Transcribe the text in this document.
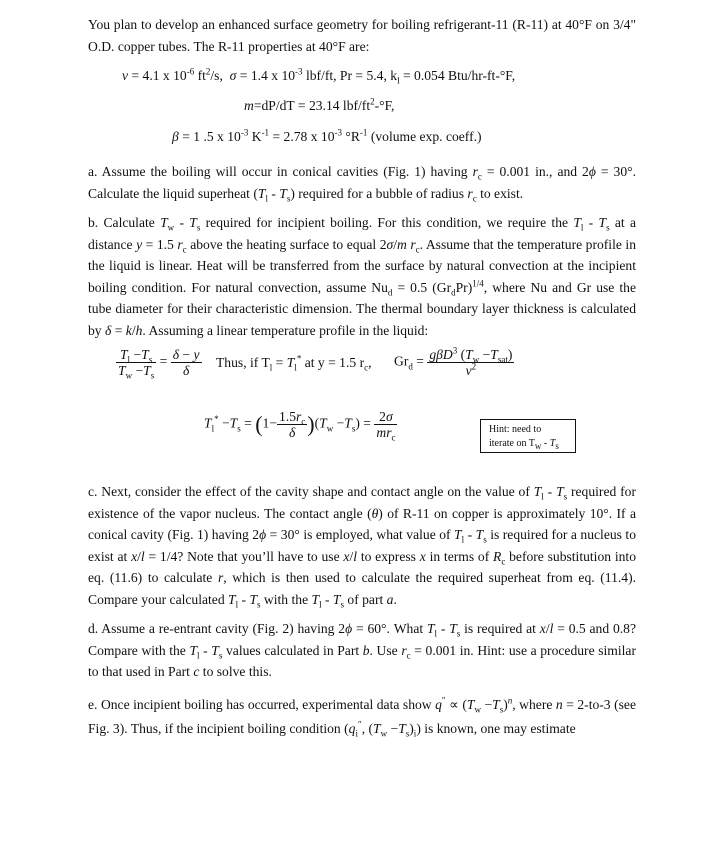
You plan to develop an enhanced surface geometry for boiling refrigerant-11 (R-11) at 40°F on 3/4" O.D. copper tubes. The R-11 properties at 40°F are:

ν = 4.1 x $10^{-6}$ $ft^2/s$, σ = 1.4 x $10^{-3}$ lbf/ft, Pr = 5.4, $k_l = 0.054$ Btu/hr-ft-°F,
m=dP/dT = 23.14 lbf/$ft^2-^\circ F$,
β = 1 .5 x $10^{-3}$ $K^{-1} = 2.78$ x $10^{-3}$ $^\circ R^{-1}$ (volume exp. coeff.)

a. Assume the boiling will occur in conical cavities (Fig. 1) having $r_c = 0.001$ in., and 2ϕ = 30°. Calculate the liquid superheat $(T_l - T_s)$ required for a bubble of radius $r_c$ to exist.

b. Calculate $T_w - T_s$ required for incipient boiling. For this condition, we require the $T_l - T_s$ at a distance y = 1.5 $r_c$ above the heating surface to equal 2σ/m $r_c$. Assume that the temperature profile in the liquid is linear. Heat will be transferred from the surface by natural convection at the incipient boiling condition. For natural convection, assume $Nu_d = 0.5$ $(Gr_dPr)^{1/4}$, where Nu and Gr use the tube diameter for their characteristic dimension. The thermal boundary layer thickness is calculated by δ = k/h. Assuming a linear temperature profile in the liquid:

$\frac{T_l -T_s}{T_w -T_s} = \frac{\delta - y}{\delta}$ Thus, if $T_l = T_l^*$ at y = 1.5 $r_c$, $Gr_d = \frac{g\beta D^3 (T_w -T_{sat})}{\nu^2}$
$T_l^* -T_s = (1- \frac{1.5r_c}{\delta} )(T_w -T_s) = \frac{2\sigma}{mr_c}$	Hint: need to
iterate on $T_w - T_s$

c. Next, consider the effect of the cavity shape and contact angle on the value of $T_l - T_s$ required for existence of the vapor nucleus. The contact angle (θ) of R-11 on copper is approximately 10°. If a conical cavity (Fig. 1) having 2ϕ = 30° is employed, what value of $T_l - T_s$ is required for a nucleus to exist at x/l = 1/4? Note that you’ll have to use x/l to express x in terms of $R_c$ before substitution into eq. (11.6) to calculate r, which is then used to calculate the required superheat from eq. (11.4). Compare your calculated $T_l - T_s$ with the $T_l - T_s$ of part a.

d. Assume a re-entrant cavity (Fig. 2) having 2ϕ = 60°. What $T_l - T_s$ is required at x/l = 0.5 and 0.8? Compare with the $T_l - T_s$ values calculated in Part b. Use $r_c = 0.001$ in. Hint: use a procedure similar to that used in Part c to solve this.

e. Once incipient boiling has occurred, experimental data show $q'' \propto (T_w -T_s)^n$, where n = 2-to-3 (see Fig. 3). Thus, if the incipient boiling condition ($q_i''$, $(T_w -T_s)_i$) is known, one may estimate
